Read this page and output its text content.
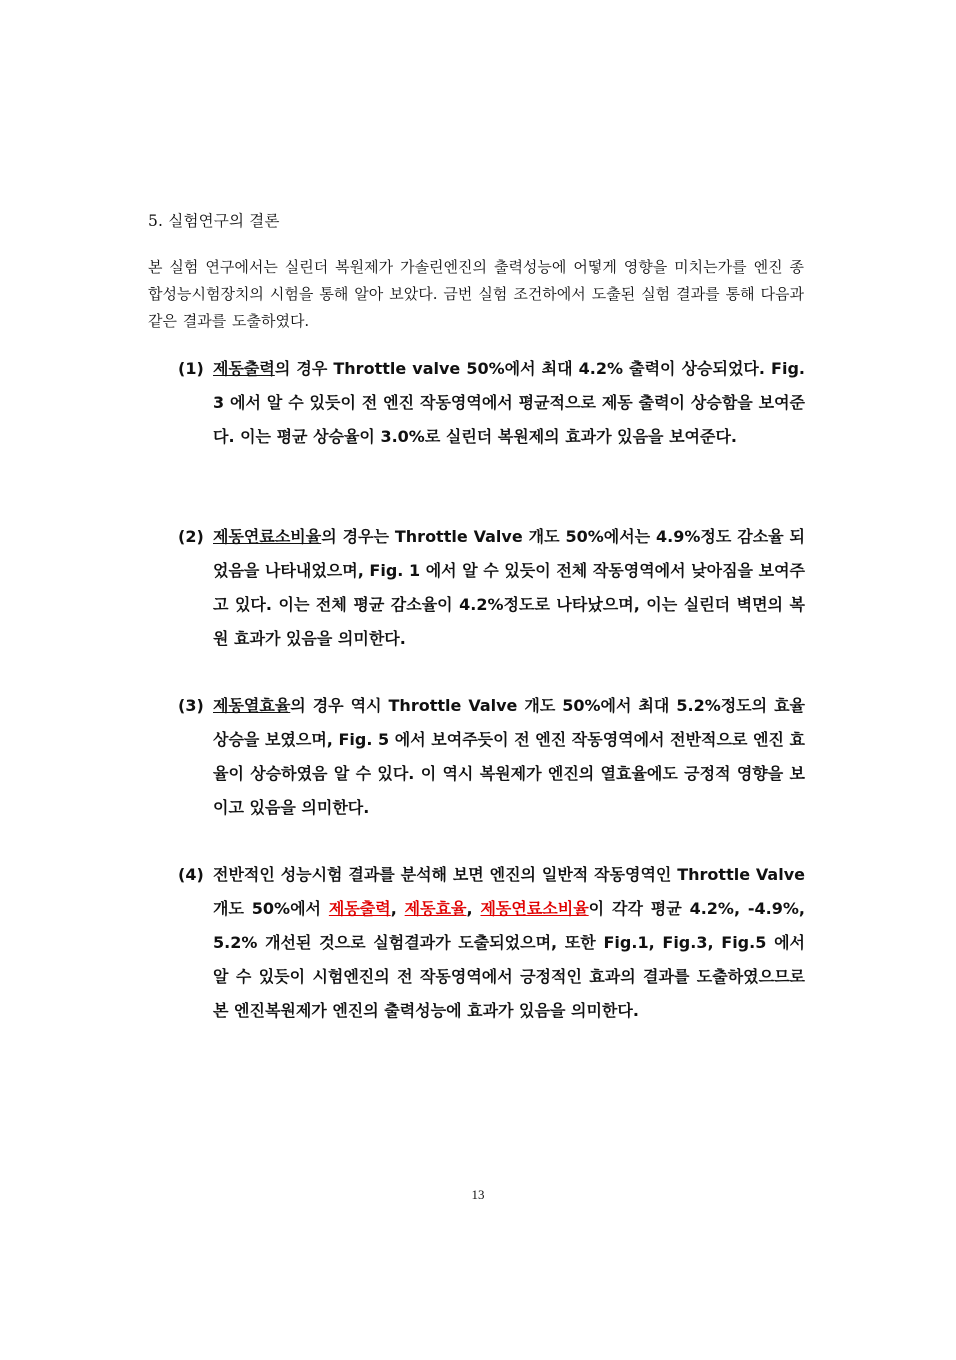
5. 실험연구의 결론
본 실험 연구에서는 실린더 복원제가 가솔린엔진의 출력성능에 어떻게 영향을 미치는가를 엔진 종합성능시험장치의 시험을 통해 알아 보았다. 금번 실험 조건하에서 도출된 실험 결과를 통해 다음과 같은 결과를 도출하였다.
(1) 제동출력의 경우 Throttle valve 50%에서 최대 4.2% 출력이 상승되었다. Fig. 3 에서 알 수 있듯이 전 엔진 작동영역에서 평균적으로 제동 출력이 상승함을 보여준다. 이는 평균 상승율이 3.0%로 실린더 복원제의 효과가 있음을 보여준다.
(2) 제동연료소비율의 경우는 Throttle Valve 개도 50%에서는 4.9%정도 감소율 되었음을 나타내었으며, Fig. 1 에서 알 수 있듯이 전체 작동영역에서 낮아짐을 보여주고 있다. 이는 전체 평균 감소율이 4.2%정도로 나타났으며, 이는 실린더 벽면의 복원 효과가 있음을 의미한다.
(3) 제동열효율의 경우 역시 Throttle Valve 개도 50%에서 최대 5.2%정도의 효율상승을 보였으며, Fig. 5 에서 보여주듯이 전 엔진 작동영역에서 전반적으로 엔진 효율이 상승하였음 알 수 있다. 이 역시 복원제가 엔진의 열효율에도 긍정적 영향을 보이고 있음을 의미한다.
(4) 전반적인 성능시험 결과를 분석해 보면 엔진의 일반적 작동영역인 Throttle Valve 개도 50%에서 제동출력, 제동효율, 제동연료소비율이 각각 평균 4.2%, -4.9%, 5.2% 개선된 것으로 실험결과가 도출되었으며, 또한 Fig.1, Fig.3, Fig.5 에서 알 수 있듯이 시험엔진의 전 작동영역에서 긍정적인 효과의 결과를 도출하였으므로 본 엔진복원제가 엔진의 출력성능에 효과가 있음을 의미한다.
13
